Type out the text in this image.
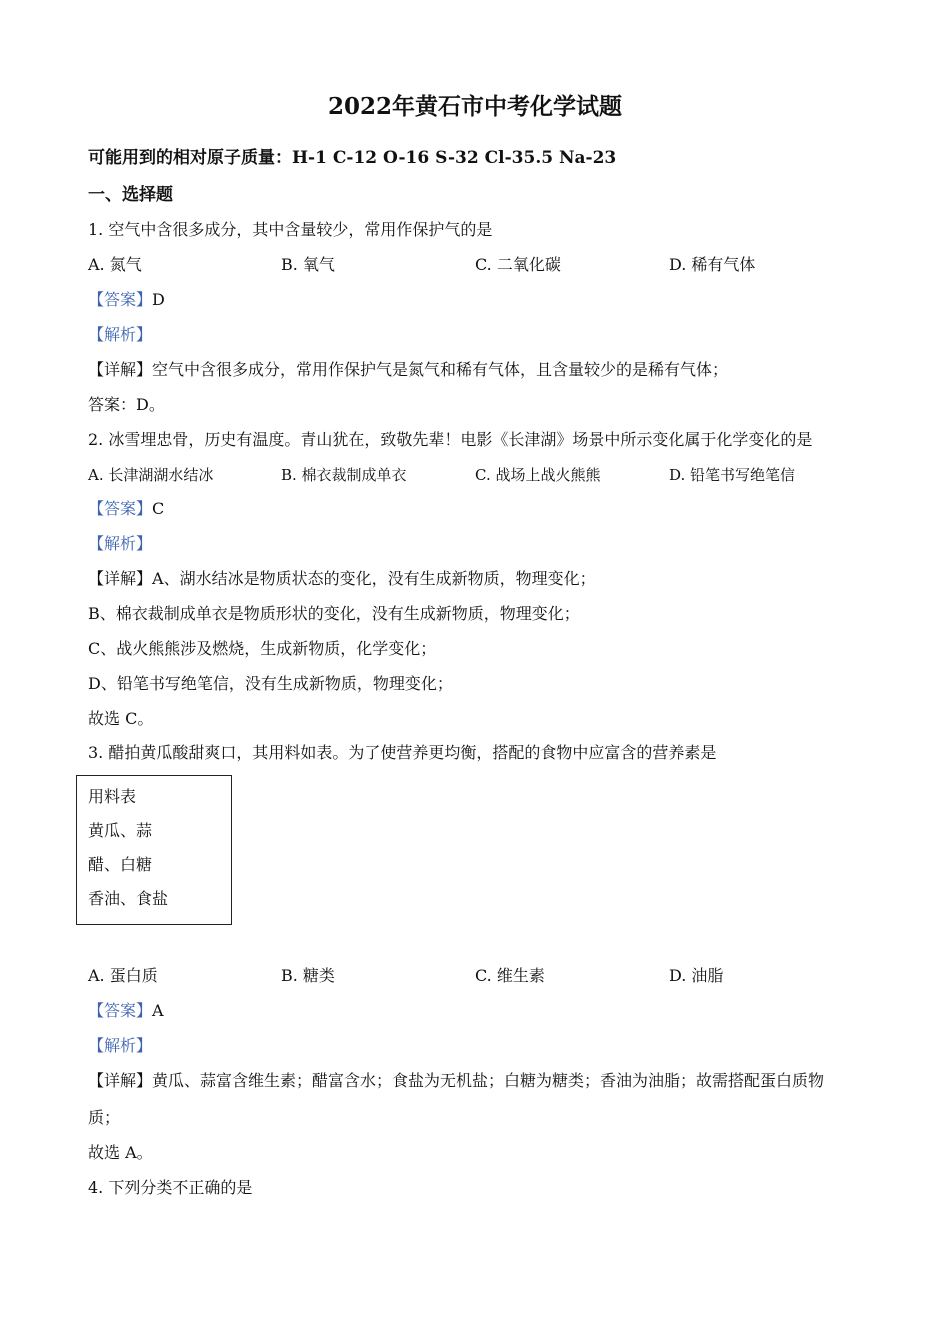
2022年黄石市中考化学试题
可能用到的相对原子质量：H-1 C-12 O-16 S-32 Cl-35.5 Na-23
一、选择题
1. 空气中含很多成分，其中含量较少，常用作保护气的是
A. 氮气	B. 氧气	C. 二氧化碳	D. 稀有气体
【答案】D
【解析】
【详解】空气中含很多成分，常用作保护气是氮气和稀有气体，且含量较少的是稀有气体；
答案：D。
2. 冰雪埋忠骨，历史有温度。青山犹在，致敬先辈！电影《长津湖》场景中所示变化属于化学变化的是
A. 长津湖湖水结冰	B. 棉衣裁制成单衣	C. 战场上战火熊熊	D. 铅笔书写绝笔信
【答案】C
【解析】
【详解】A、湖水结冰是物质状态的变化，没有生成新物质，物理变化；
B、棉衣裁制成单衣是物质形状的变化，没有生成新物质，物理变化；
C、战火熊熊涉及燃烧，生成新物质，化学变化；
D、铅笔书写绝笔信，没有生成新物质，物理变化；
故选 C。
3. 醋拍黄瓜酸甜爽口，其用料如表。为了使营养更均衡，搭配的食物中应富含的营养素是
用料表
黄瓜、蒜
醋、白糖
香油、食盐
A. 蛋白质	B. 糖类	C. 维生素	D. 油脂
【答案】A
【解析】
【详解】黄瓜、蒜富含维生素；醋富含水；食盐为无机盐；白糖为糖类；香油为油脂；故需搭配蛋白质物
质；
故选 A。
4. 下列分类不正确的是
